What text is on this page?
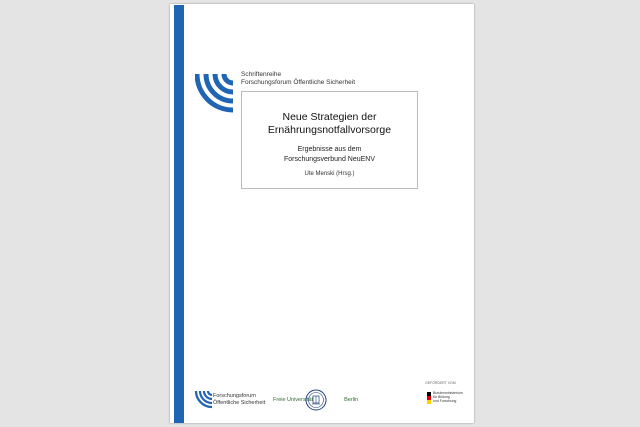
Schriftenreihe
Forschungsforum Öffentliche Sicherheit
Neue Strategien der
Ernährungsnotfallvorsorge
Ergebnisse aus dem
Forschungsverbund NeuENV
Ute Menski (Hrsg.)
Forschungsforum
Öffentliche Sicherheit Freie Universität	Berlin
GEFÖRDERT VOM
Bundesministerium
für Bildung
und Forschung
